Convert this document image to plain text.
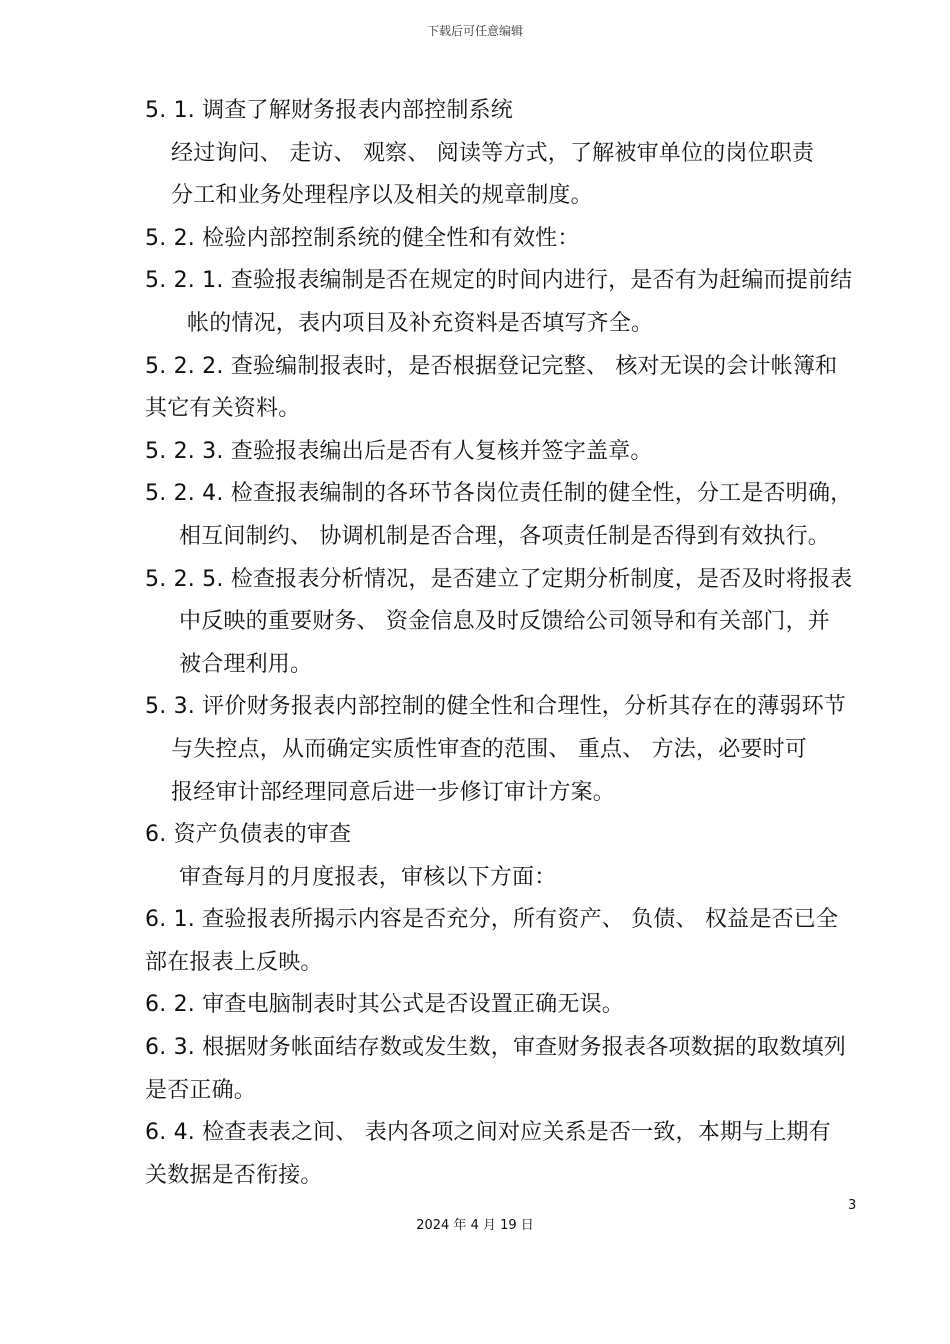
下载后可任意编辑
5. 1. 调查了解财务报表内部控制系统
经过询问、 走访、 观察、 阅读等方式，了解被审单位的岗位职责
分工和业务处理程序以及相关的规章制度。
5. 2. 检验内部控制系统的健全性和有效性：
5. 2. 1. 查验报表编制是否在规定的时间内进行，是否有为赶编而提前结
帐的情况，表内项目及补充资料是否填写齐全。
5. 2. 2. 查验编制报表时，是否根据登记完整、 核对无误的会计帐簿和
其它有关资料。
5. 2. 3. 查验报表编出后是否有人复核并签字盖章。
5. 2. 4. 检查报表编制的各环节各岗位责任制的健全性，分工是否明确，
相互间制约、 协调机制是否合理，各项责任制是否得到有效执行。
5. 2. 5. 检查报表分析情况，是否建立了定期分析制度，是否及时将报表
中反映的重要财务、 资金信息及时反馈给公司领导和有关部门，并
被合理利用。
5. 3. 评价财务报表内部控制的健全性和合理性，分析其存在的薄弱环节
与失控点，从而确定实质性审查的范围、 重点、 方法，必要时可
报经审计部经理同意后进一步修订审计方案。
6. 资产负债表的审查
审查每月的月度报表，审核以下方面：
6. 1. 查验报表所揭示内容是否充分，所有资产、 负债、 权益是否已全
部在报表上反映。
6. 2. 审查电脑制表时其公式是否设置正确无误。
6. 3. 根据财务帐面结存数或发生数，审查财务报表各项数据的取数填列
是否正确。
6. 4. 检查表表之间、 表内各项之间对应关系是否一致，本期与上期有
关数据是否衔接。
3
2024 年 4 月 19 日
